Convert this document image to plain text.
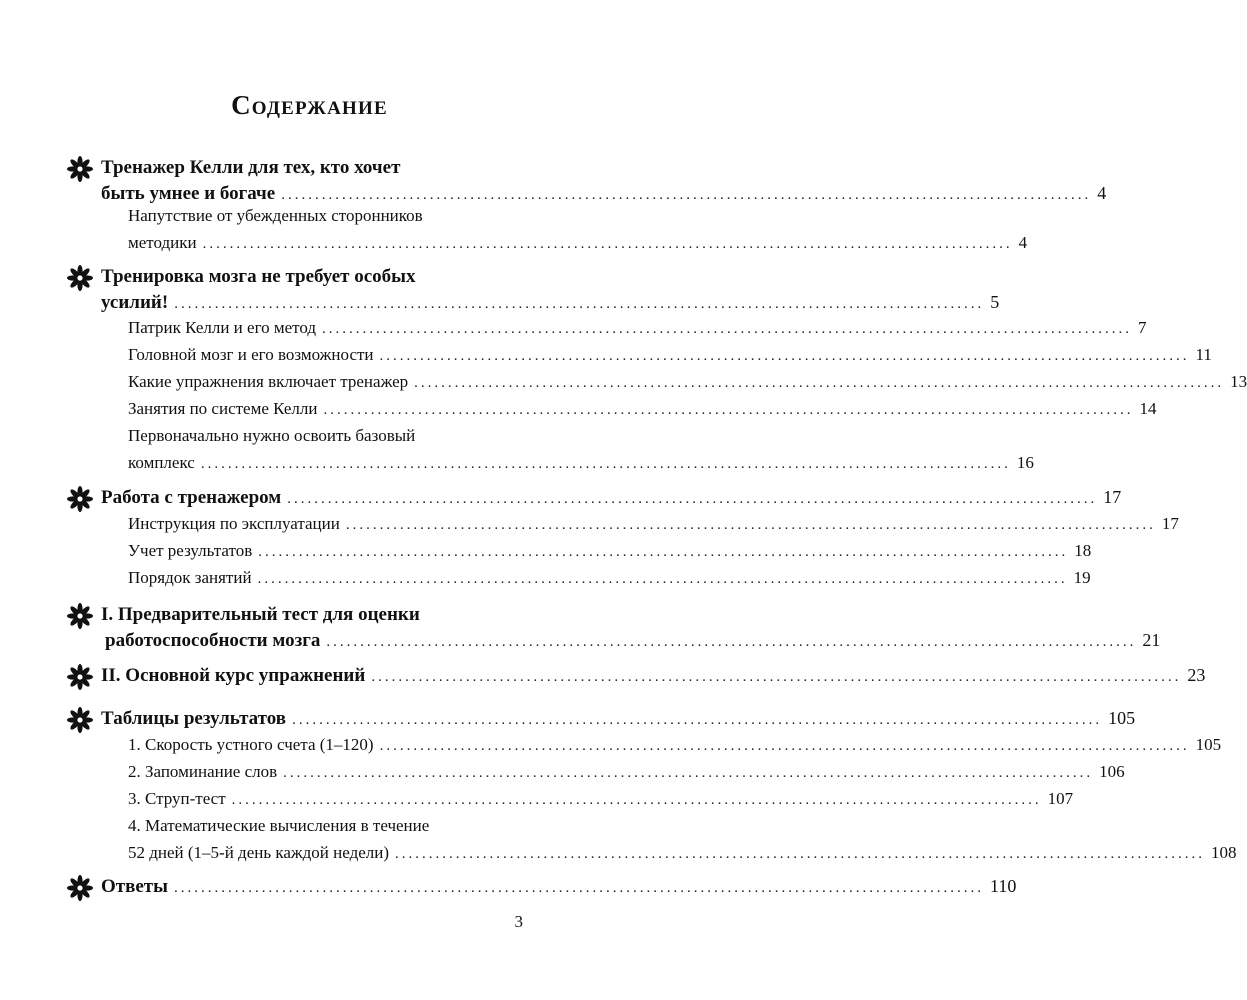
Содержание
Тренажер Келли для тех, кто хочет
быть умнее и богаче ........................................................................................................................ 4
Напутствие от убежденных сторонников
методики ........................................................................................................................ 4
Тренировка мозга не требует особых
усилий! ........................................................................................................................ 5
Патрик Келли и его метод ........................................................................................................................ 7
Головной мозг и его возможности ........................................................................................................................ 11
Какие упражнения включает тренажер ........................................................................................................................ 13
Занятия по системе Келли ........................................................................................................................ 14
Первоначально нужно освоить базовый
комплекс ........................................................................................................................ 16
Работа с тренажером ........................................................................................................................ 17
Инструкция по эксплуатации ........................................................................................................................ 17
Учет результатов ........................................................................................................................ 18
Порядок занятий ........................................................................................................................ 19
I. Предварительный тест для оценки
работоспособности мозга ........................................................................................................................ 21
II. Основной курс упражнений ........................................................................................................................ 23
Таблицы результатов ........................................................................................................................ 105
1. Скорость устного счета (1–120) ........................................................................................................................ 105
2. Запоминание слов ........................................................................................................................ 106
3. Струп-тест ........................................................................................................................ 107
4. Математические вычисления в течение
52 дней (1–5-й день каждой недели) ........................................................................................................................ 108
Ответы ........................................................................................................................ 110
3
